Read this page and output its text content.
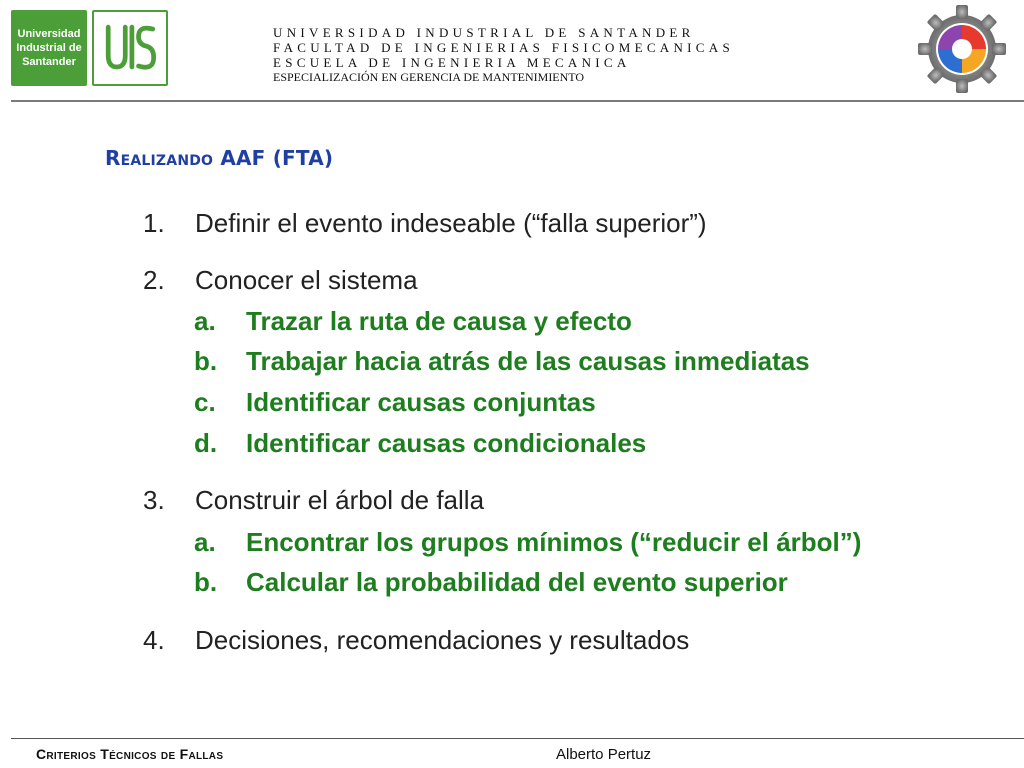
Universidad
Industrial de
Santander
UNIVERSIDAD INDUSTRIAL DE SANTANDER
FACULTAD DE INGENIERIAS FISICOMECANICAS
ESCUELA DE INGENIERIA MECANICA
ESPECIALIZACIÓN EN GERENCIA DE MANTENIMIENTO
Realizando AAF (FTA)
1. Definir el evento indeseable (“falla superior”)
2. Conocer el sistema
a. Trazar la ruta de causa y efecto
b. Trabajar hacia atrás de las causas inmediatas
c. Identificar causas conjuntas
d. Identificar causas condicionales
3. Construir el árbol de falla
a. Encontrar los grupos mínimos (“reducir el árbol”)
b. Calcular la probabilidad del evento superior
4. Decisiones, recomendaciones y resultados
Criterios Técnicos de Fallas	Alberto Pertuz
